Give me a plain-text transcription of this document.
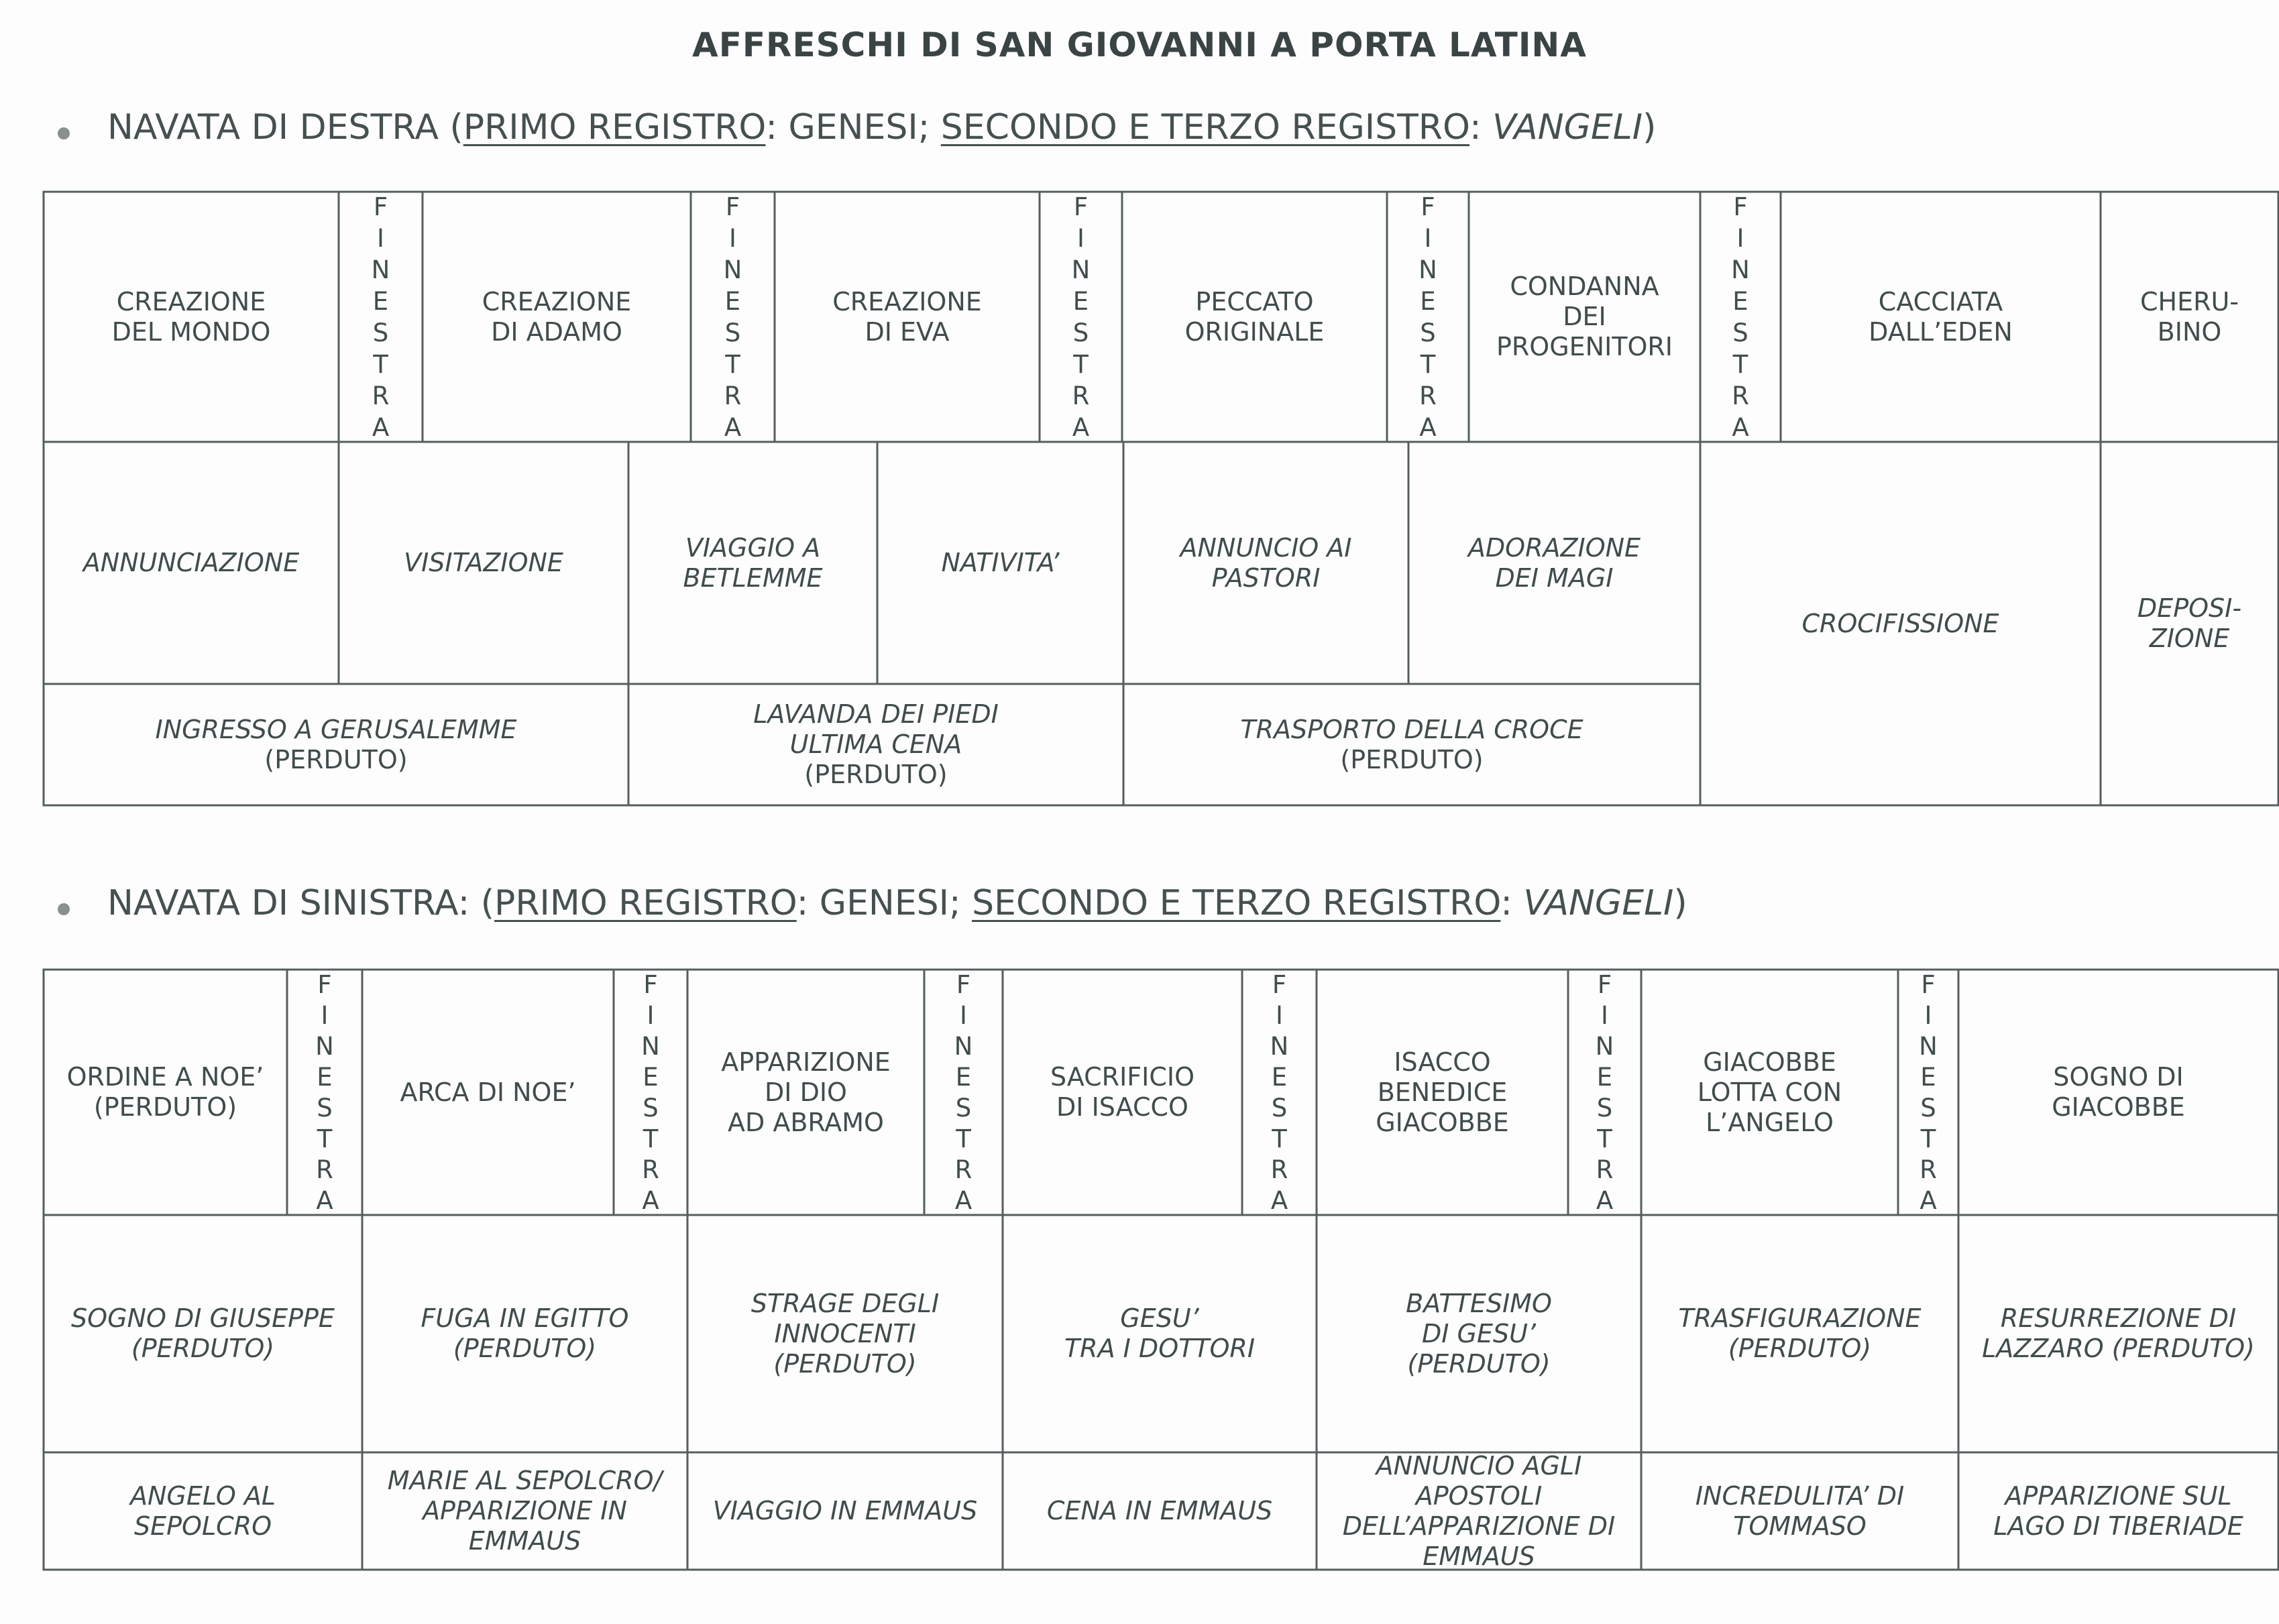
AFFRESCHI DI SAN GIOVANNI A PORTA LATINA
NAVATA DI DESTRA (PRIMO REGISTRO: GENESI; SECONDO E TERZO REGISTRO: VANGELI)
NAVATA DI SINISTRA: (PRIMO REGISTRO: GENESI; SECONDO E TERZO REGISTRO: VANGELI)
CREAZIONE
DEL MONDO
F
I
N
E
S
T
R
A
CREAZIONE
DI ADAMO
F
I
N
E
S
T
R
A
CREAZIONE
DI EVA
F
I
N
E
S
T
R
A
PECCATO
ORIGINALE
F
I
N
E
S
T
R
A
CONDANNA
DEI
PROGENITORI
F
I
N
E
S
T
R
A
CACCIATA
DALL’EDEN
CHERU-
BINO
ANNUNCIAZIONE	VISITAZIONE
VIAGGIO A
BETLEMME
NATIVITA’
ANNUNCIO AI
PASTORI
ADORAZIONE
DEI MAGI
INGRESSO A GERUSALEMME
(PERDUTO)
LAVANDA DEI PIEDI
ULTIMA CENA
(PERDUTO)
TRASPORTO DELLA CROCE
(PERDUTO)
CROCIFISSIONE
DEPOSI-
ZIONE
ORDINE A NOE’
(PERDUTO)
F
I
N
E
S
T
R
A
ARCA DI NOE’
F
I
N
E
S
T
R
A
APPARIZIONE
DI DIO
AD ABRAMO
F
I
N
E
S
T
R
A
SACRIFICIO
DI ISACCO
F
I
N
E
S
T
R
A
ISACCO
BENEDICE
GIACOBBE
F
I
N
E
S
T
R
A
GIACOBBE
LOTTA CON
L’ANGELO
F
I
N
E
S
T
R
A
SOGNO DI
GIACOBBE
SOGNO DI GIUSEPPE
(PERDUTO)
FUGA IN EGITTO
(PERDUTO)
STRAGE DEGLI
INNOCENTI
(PERDUTO)
GESU’
TRA I DOTTORI
BATTESIMO
DI GESU’
(PERDUTO)
TRASFIGURAZIONE
(PERDUTO)
RESURREZIONE DI
LAZZARO (PERDUTO)
ANGELO AL
SEPOLCRO
MARIE AL SEPOLCRO/
APPARIZIONE IN
EMMAUS
VIAGGIO IN EMMAUS	CENA IN EMMAUS
ANNUNCIO AGLI
APOSTOLI
DELL’APPARIZIONE DI
EMMAUS
INCREDULITA’ DI
TOMMASO
APPARIZIONE SUL
LAGO DI TIBERIADE
